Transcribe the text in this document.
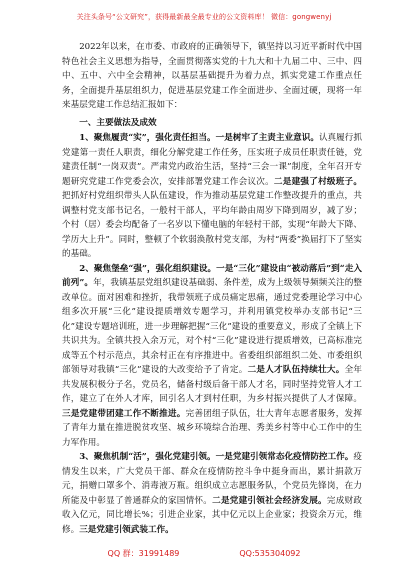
关注头条号“公文研究”，获得最新最全最专业的公文资料库！ 微信：gongwenyj

2022年以来，在市委、市政府的正确领导下，镇坚持以习近平新时代中国特色社会主义思想为指导，全面贯彻落实党的十九大和十九届二中、三中、四中、五中、六中全会精神，以基层基础提升为着力点，抓实党建工作重点任务，全面提升基层组织力，促进基层党建工作全面进步、全面过硬，现将一年来基层党建工作总结汇报如下：

一、主要做法及成效

1、聚焦履责“实”，强化责任担当。一是树牢了主责主业意识。认真履行抓党建第一责任人职责，细化分解党建工作任务，压实班子成员任职责任链，党建责任制“一岗双责”。严肃党内政治生活，坚持“三会一课”制度，全年召开专题研究党建工作党委会次，安排部署党建工作会议次。二是建强了村级班子。把抓好村党组织带头人队伍建设，作为推动基层党建工作整改提升的重点，共调整村党支部书记名，一般村干部人，平均年龄由周岁下降到周岁，减了岁；个村（居）委会均配备了一名岁以下懂电脑的年轻村干部，实现“年龄大下降、学历大上升”。同时，整顿了个软弱涣散村党支部，为村“两委”换届打下了坚实的基础。

2、聚焦堡垒“强”，强化组织建设。一是“三化”建设由“被动落后”到“走入前列”。年，我镇基层党组织建设基础弱、条件差，成为上级领导频频关注的整改单位。面对困难和挫折，我带领班子成员痛定思痛，通过党委理论学习中心组多次开展“三化”建设提质增效专题学习，并利用镇党校举办支部书记“三化”建设专题培训班，进一步理解把握“三化”建设的重要意义，形成了全镇上下共识共为。全镇共投入余万元，对个村“三化”建设进行提质增效，已高标准完成等五个村示范点，其余村正在有序推进中。省委组织部组织二处、市委组织部领导对我镇“三化”建设的大改变给予了肯定。二是人才队伍持续壮大。全年共发展积极分子名，党员名，储备村级后备干部人才名，同时坚持党管人才工作，建立了在外人才库，回引名人才到村任职，为乡村振兴提供了人才保障。三是党建带团建工作不断推进。完善团组子队伍，壮大青年志愿者服务，发挥了青年力量在推进脱贫攻坚、城乡环境综合治理、秀美乡村等中心工作中的生力军作用。

3、聚焦机制“活”，强化党建引领。一是党建引领常态化疫情防控工作。疫情发生以来，广大党员干部、群众在疫情防控斗争中挺身而出，累计捐款万元，捐赠口罩多个、消毒液万瓶。组织成立志愿服务队，个党员先锋岗，在力所能及中彰显了普通群众的家国情怀。二是党建引领社会经济发展。完成财政收入亿元，同比增长%；引进企业家，其中亿元以上企业家；投资余万元，维修。三是党建引领武装工作。

QQ 群：31991489	QQ:535304092
